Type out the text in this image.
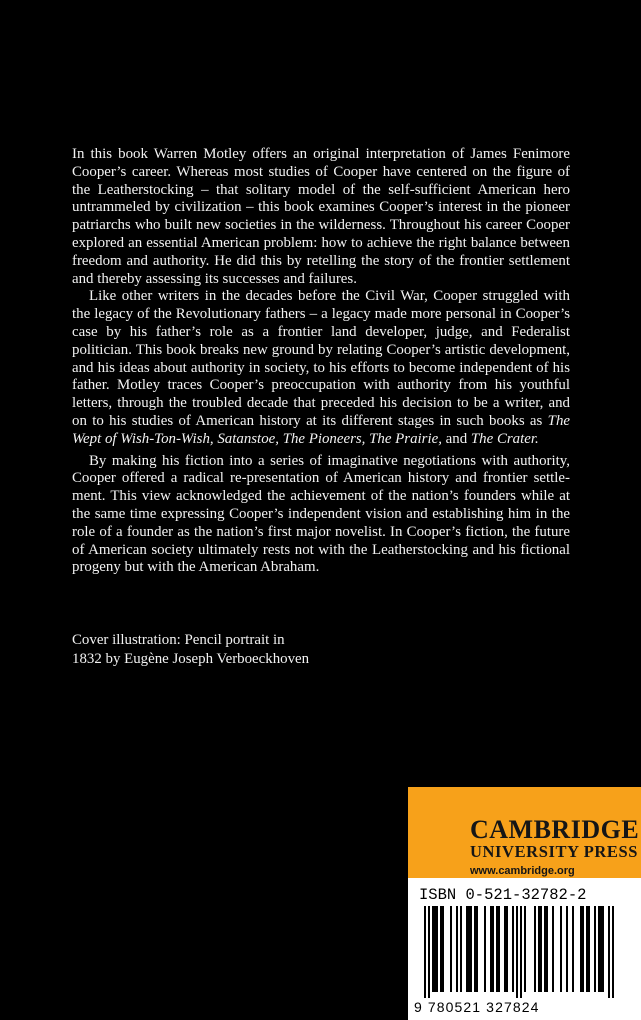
In this book Warren Motley offers an original interpretation of James Fenimore Cooper’s career. Whereas most studies of Cooper have centered on the figure of the Leatherstocking – that solitary model of the self-sufficient American hero untrammeled by civilization – this book examines Cooper’s interest in the pioneer patriarchs who built new societies in the wilderness. Throughout his career Cooper explored an essential American problem: how to achieve the right balance between freedom and authority. He did this by retelling the story of the frontier settlement and thereby assessing its successes and failures.

Like other writers in the decades before the Civil War, Cooper struggled with the legacy of the Revolutionary fathers – a legacy made more personal in Cooper’s case by his father’s role as a frontier land developer, judge, and Federalist politician. This book breaks new ground by relating Cooper’s artistic development, and his ideas about authority in society, to his efforts to become independent of his father. Motley traces Cooper’s preoccupation with authority from his youthful letters, through the troubled decade that preceded his decision to be a writer, and on to his studies of American history at its different stages in such books as The Wept of Wish-Ton-Wish, Satanstoe, The Pioneers, The Prairie, and The Crater.

By making his fiction into a series of imaginative negotiations with authority, Cooper offered a radical re-presentation of American history and frontier settle-ment. This view acknowledged the achievement of the nation’s founders while at the same time expressing Cooper’s independent vision and establishing him in the role of a founder as the nation’s first major novelist. In Cooper’s fiction, the future of American society ultimately rests not with the Leatherstocking and his fictional progeny but with the American Abraham.

Cover illustration: Pencil portrait in
1832 by Eugène Joseph Verboeckhoven
CAMBRIDGE
UNIVERSITY PRESS
www.cambridge.org
ISBN 0-521-32782-2
9 780521 327824
